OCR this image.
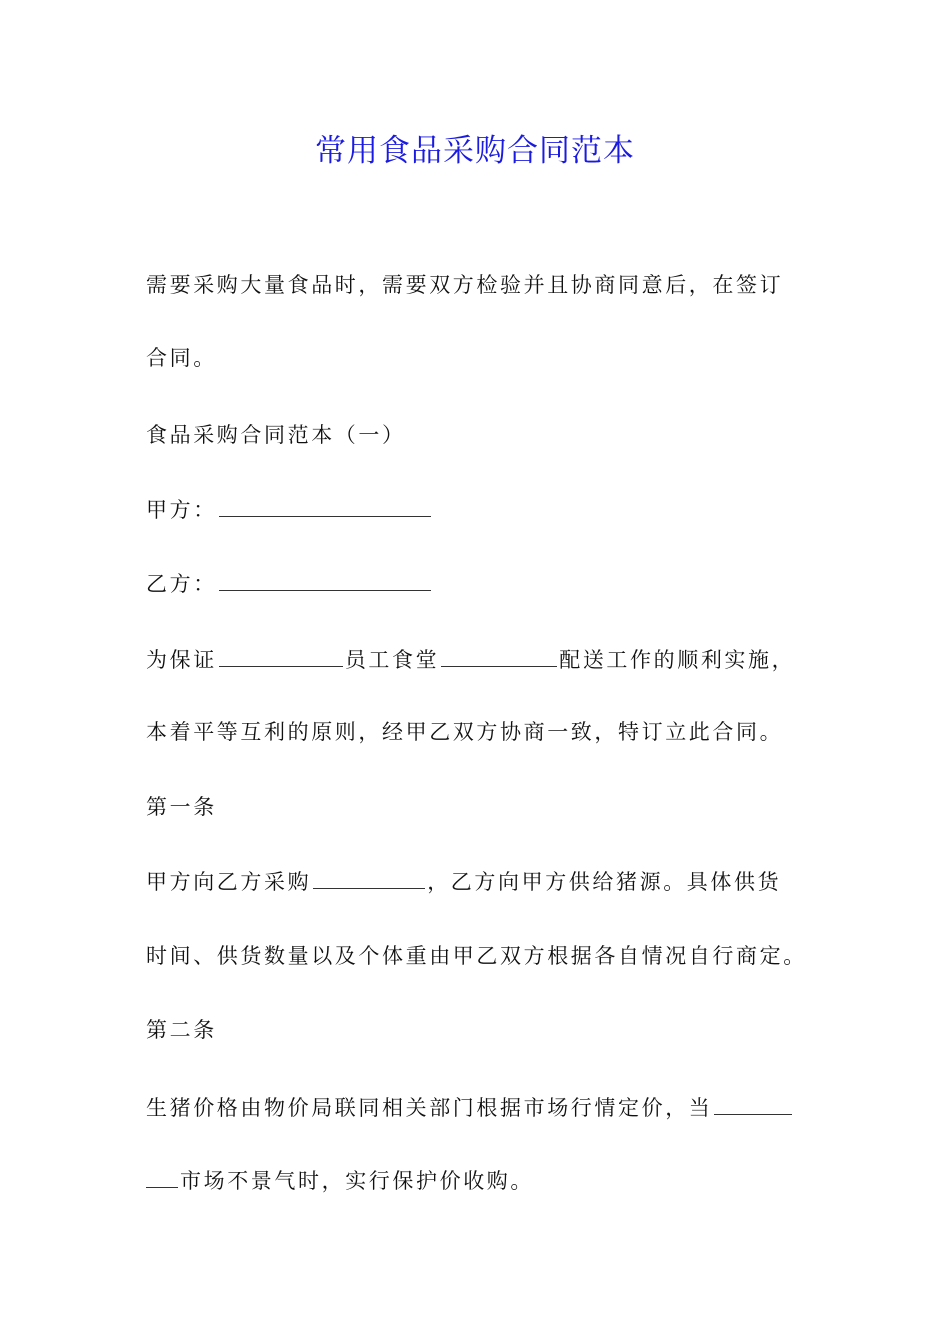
常用食品采购合同范本
需要采购大量食品时，需要双方检验并且协商同意后，在签订
合同。
食品采购合同范本（一）
甲方：
乙方：
为保证	员工食堂	配送工作的顺利实施，
本着平等互利的原则，经甲乙双方协商一致，特订立此合同。
第一条
甲方向乙方采购	，乙方向甲方供给猪源。具体供货
时间、供货数量以及个体重由甲乙双方根据各自情况自行商定。
第二条
生猪价格由物价局联同相关部门根据市场行情定价，当
市场不景气时，实行保护价收购。
